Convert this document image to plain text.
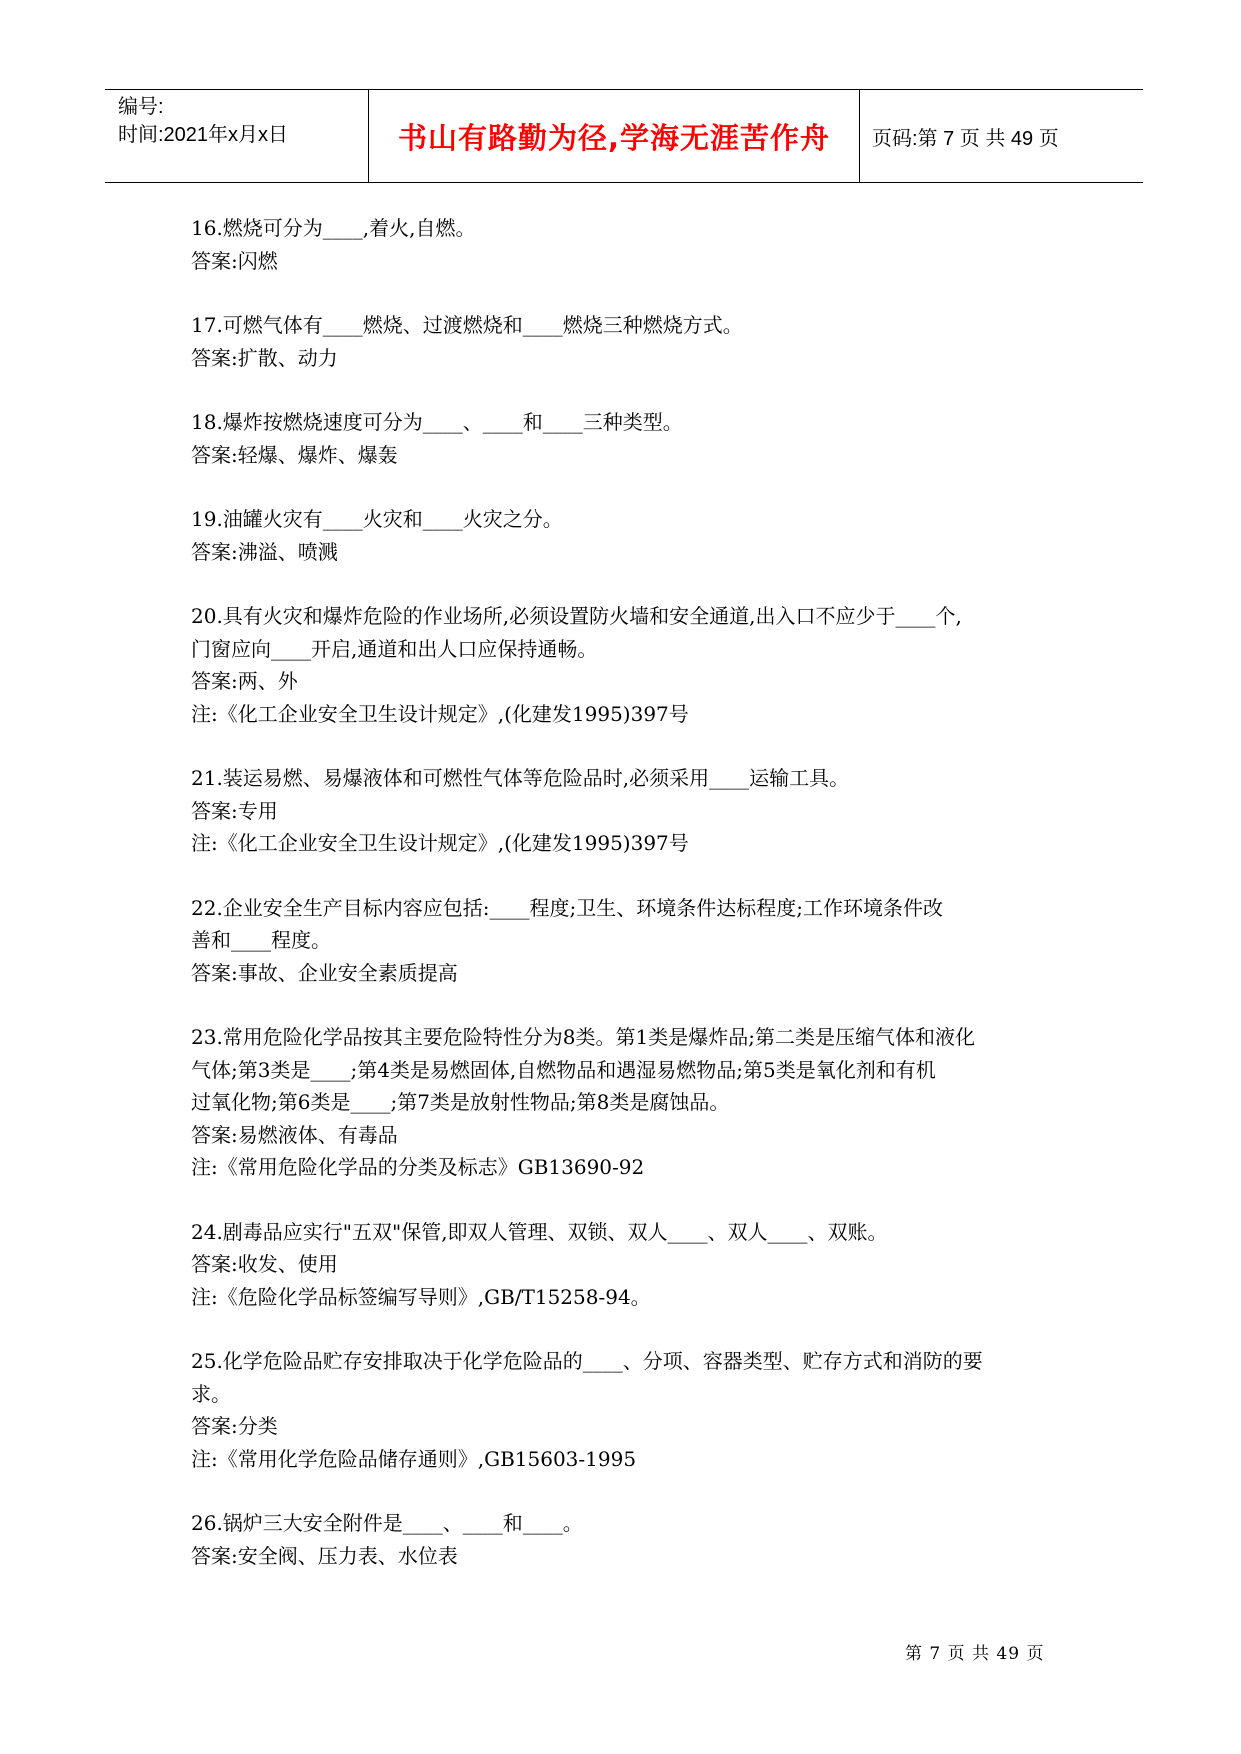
编号:
时间:2021年x月x日	书山有路勤为径,学海无涯苦作舟	页码:第 7 页 共 49 页
16.燃烧可分为____,着火,自燃。
答案:闪燃
17.可燃气体有____燃烧、过渡燃烧和____燃烧三种燃烧方式。
答案:扩散、动力
18.爆炸按燃烧速度可分为____、____和____三种类型。
答案:轻爆、爆炸、爆轰
19.油罐火灾有____火灾和____火灾之分。
答案:沸溢、喷溅
20.具有火灾和爆炸危险的作业场所,必须设置防火墙和安全通道,出入口不应少于____个,
门窗应向____开启,通道和出人口应保持通畅。
答案:两、外
注:《化工企业安全卫生设计规定》,(化建发1995)397号
21.装运易燃、易爆液体和可燃性气体等危险品时,必须采用____运输工具。
答案:专用
注:《化工企业安全卫生设计规定》,(化建发1995)397号
22.企业安全生产目标内容应包括:____程度;卫生、环境条件达标程度;工作环境条件改
善和____程度。
答案:事故、企业安全素质提高
23.常用危险化学品按其主要危险特性分为8类。第1类是爆炸品;第二类是压缩气体和液化
气体;第3类是____;第4类是易燃固体,自燃物品和遇湿易燃物品;第5类是氧化剂和有机
过氧化物;第6类是____;第7类是放射性物品;第8类是腐蚀品。
答案:易燃液体、有毒品
注:《常用危险化学品的分类及标志》GB13690-92
24.剧毒品应实行"五双"保管,即双人管理、双锁、双人____、双人____、双账。
答案:收发、使用
注:《危险化学品标签编写导则》,GB/T15258-94。
25.化学危险品贮存安排取决于化学危险品的____、分项、容器类型、贮存方式和消防的要
求。
答案:分类
注:《常用化学危险品储存通则》,GB15603-1995
26.锅炉三大安全附件是____、____和____。
答案:安全阀、压力表、水位表
第 7 页 共 49 页
